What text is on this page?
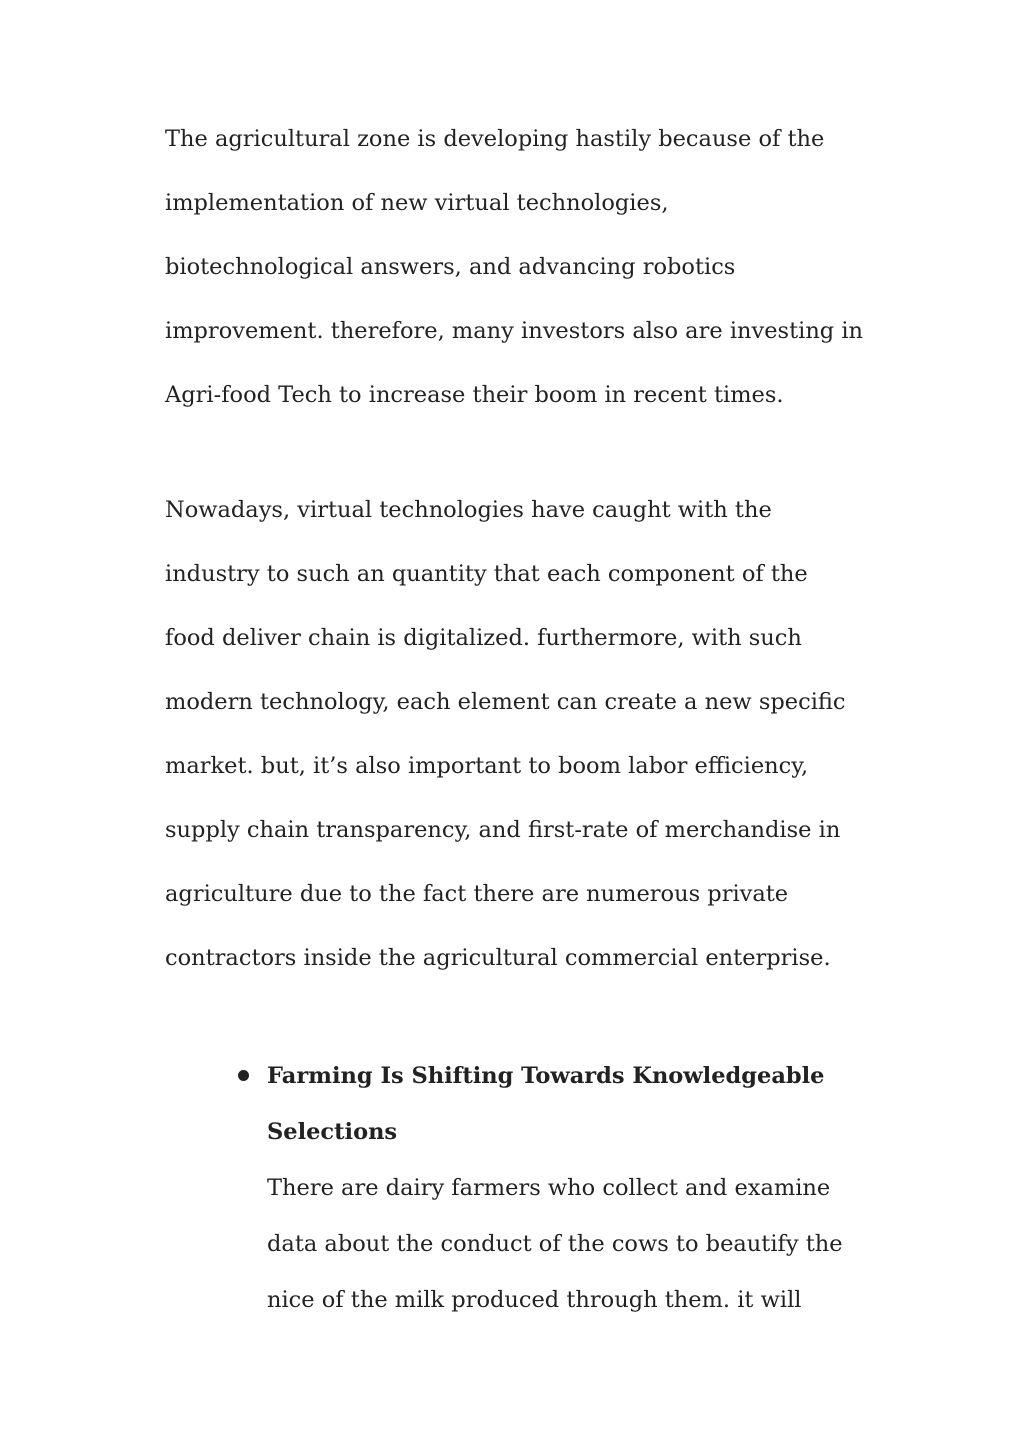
The agricultural zone is developing hastily because of the
implementation of new virtual technologies,
biotechnological answers, and advancing robotics
improvement. therefore, many investors also are investing in
Agri-food Tech to increase their boom in recent times.
Nowadays, virtual technologies have caught with the
industry to such an quantity that each component of the
food deliver chain is digitalized. furthermore, with such
modern technology, each element can create a new specific
market. but, it’s also important to boom labor efficiency,
supply chain transparency, and first-rate of merchandise in
agriculture due to the fact there are numerous private
contractors inside the agricultural commercial enterprise.
Farming Is Shifting Towards Knowledgeable
Selections
There are dairy farmers who collect and examine
data about the conduct of the cows to beautify the
nice of the milk produced through them. it will
